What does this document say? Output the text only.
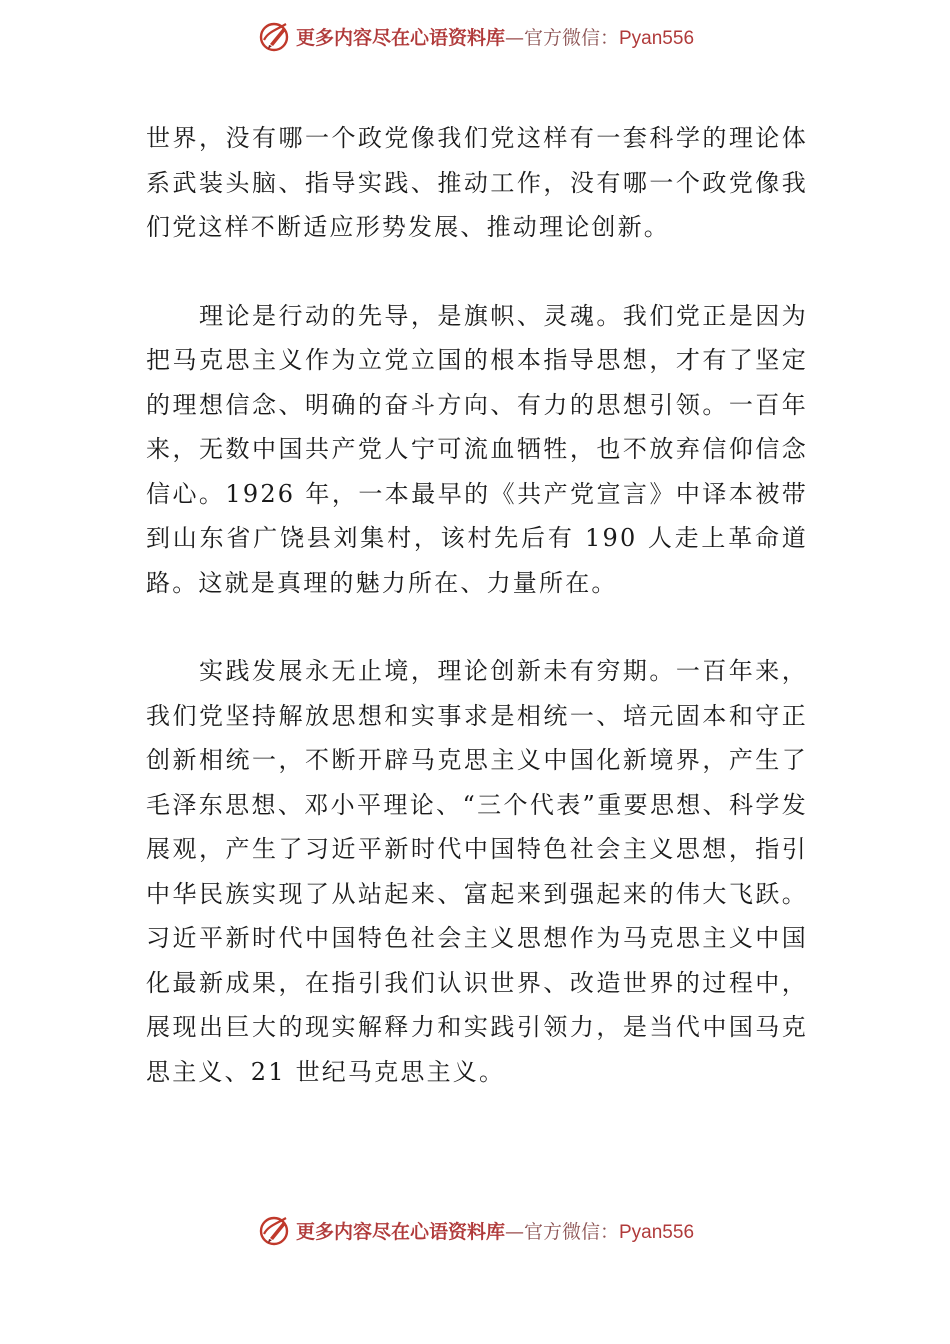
更多内容尽在心语资料库—官方微信：Pyan556

世界，没有哪一个政党像我们党这样有一套科学的理论体系武装头脑、指导实践、推动工作，没有哪一个政党像我们党这样不断适应形势发展、推动理论创新。

理论是行动的先导，是旗帜、灵魂。我们党正是因为把马克思主义作为立党立国的根本指导思想，才有了坚定的理想信念、明确的奋斗方向、有力的思想引领。一百年来，无数中国共产党人宁可流血牺牲，也不放弃信仰信念信心。1926 年，一本最早的《共产党宣言》中译本被带到山东省广饶县刘集村，该村先后有 190 人走上革命道路。这就是真理的魅力所在、力量所在。

实践发展永无止境，理论创新未有穷期。一百年来，我们党坚持解放思想和实事求是相统一、培元固本和守正创新相统一，不断开辟马克思主义中国化新境界，产生了毛泽东思想、邓小平理论、“三个代表”重要思想、科学发展观，产生了习近平新时代中国特色社会主义思想，指引中华民族实现了从站起来、富起来到强起来的伟大飞跃。习近平新时代中国特色社会主义思想作为马克思主义中国化最新成果，在指引我们认识世界、改造世界的过程中，展现出巨大的现实解释力和实践引领力，是当代中国马克思主义、21 世纪马克思主义。

更多内容尽在心语资料库—官方微信：Pyan556
